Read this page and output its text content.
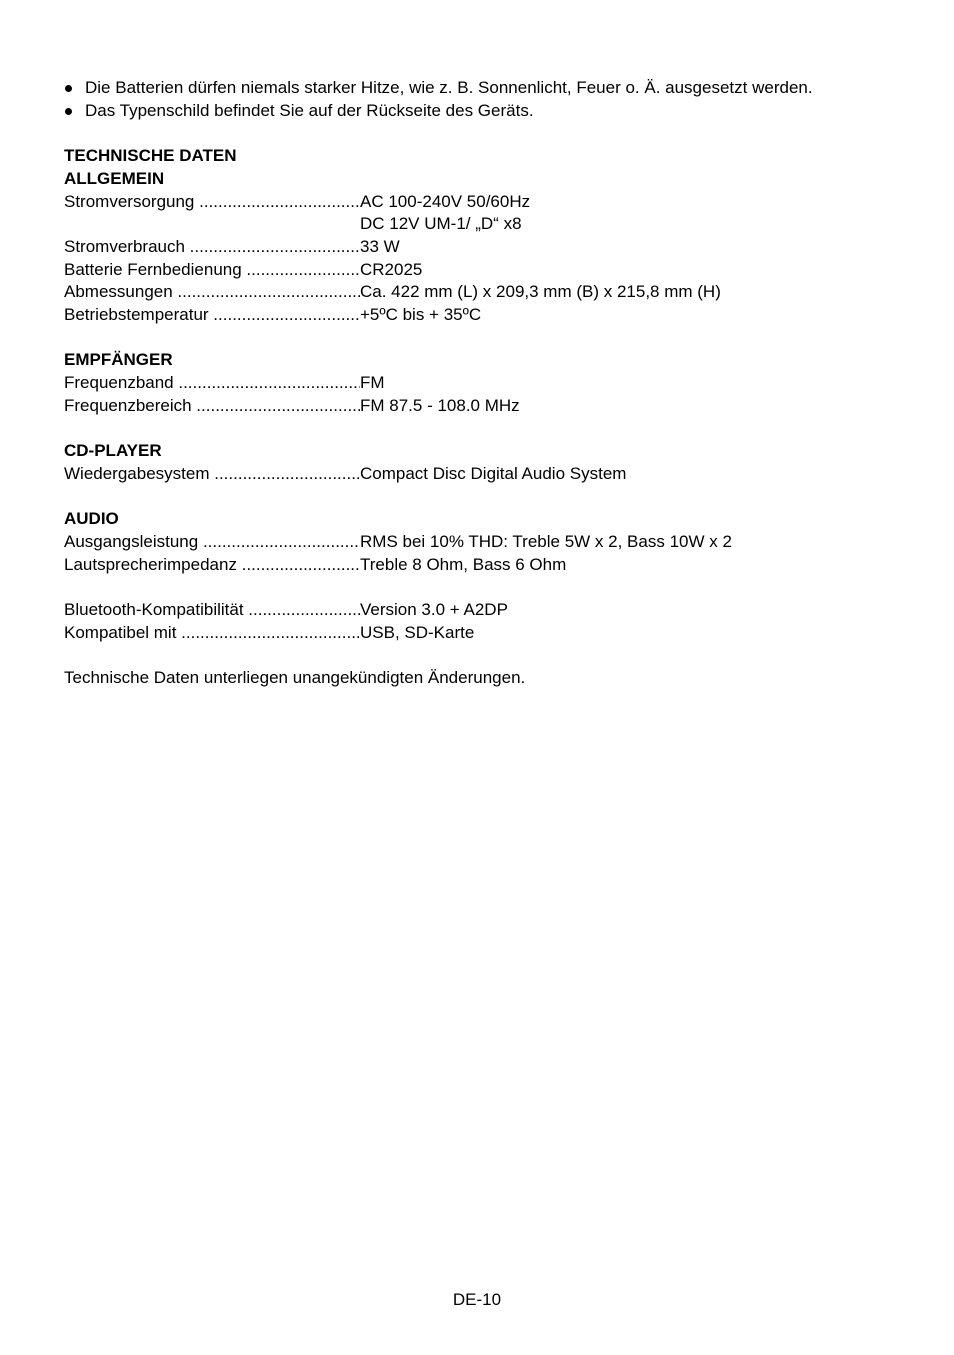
Die Batterien dürfen niemals starker Hitze, wie z. B. Sonnenlicht, Feuer o. Ä. ausgesetzt werden.
Das Typenschild befindet Sie auf der Rückseite des Geräts.
TECHNISCHE DATEN
ALLGEMEIN
Stromversorgung .....	AC 100-240V 50/60Hz
DC 12V UM-1/ „D“ x8
Stromverbrauch .....	33 W
Batterie Fernbedienung .....	CR2025
Abmessungen .....	Ca. 422 mm (L) x 209,3 mm (B) x 215,8 mm (H)
Betriebstemperatur .....	+5ºC bis + 35ºC
EMPFÄNGER
Frequenzband .....	FM
Frequenzbereich .....	FM 87.5 - 108.0 MHz
CD-PLAYER
Wiedergabesystem .....	Compact Disc Digital Audio System
AUDIO
Ausgangsleistung .....	RMS bei 10% THD: Treble 5W x 2, Bass 10W x 2
Lautsprecherimpedanz .....	Treble 8 Ohm, Bass 6 Ohm
Bluetooth-Kompatibilität .....	Version 3.0 + A2DP
Kompatibel mit .....	USB, SD-Karte
Technische Daten unterliegen unangekündigten Änderungen.
DE-10
